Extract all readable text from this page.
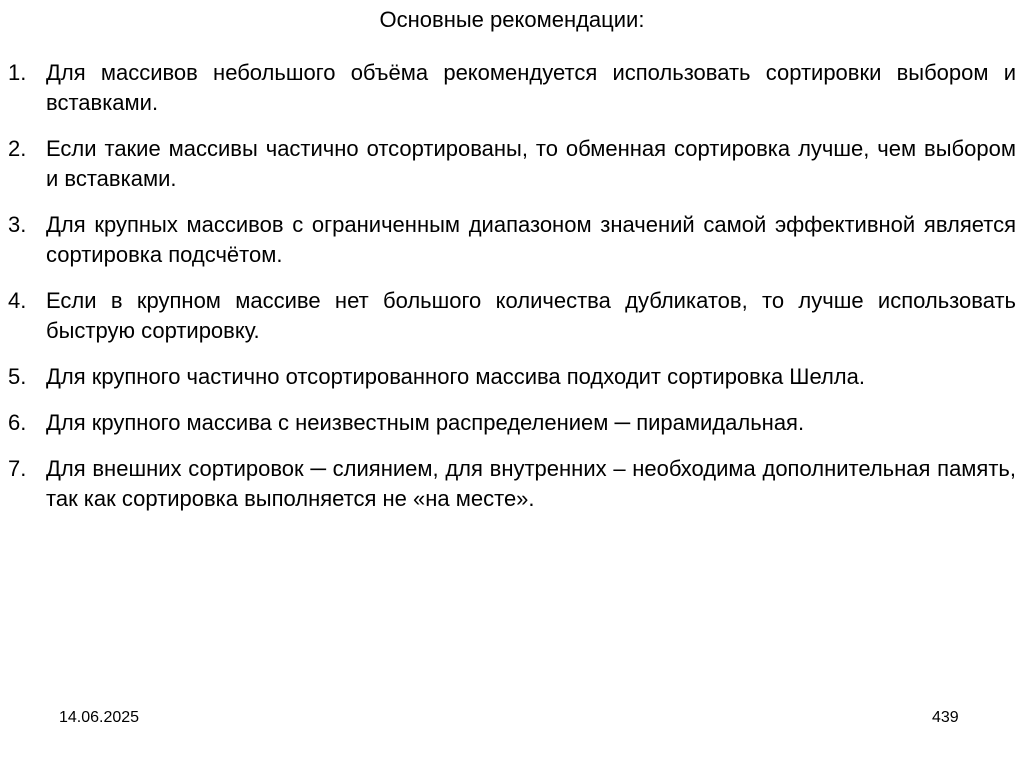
Основные рекомендации:
1. Для массивов небольшого объёма рекомендуется использовать сортировки выбором и вставками.
2. Если такие массивы частично отсортированы, то обменная сортировка лучше, чем выбором и вставками.
3. Для крупных массивов с ограниченным диапазоном значений самой эффективной является сортировка подсчётом.
4. Если в крупном массиве нет большого количества дубликатов, то лучше использовать быструю сортировку.
5. Для крупного частично отсортированного массива подходит сортировка Шелла.
6. Для крупного массива с неизвестным распределением ─ пирамидальная.
7. Для внешних сортировок ─ слиянием, для внутренних – необходима дополнительная память, так как сортировка выполняется не «на месте».
14.06.2025	439
